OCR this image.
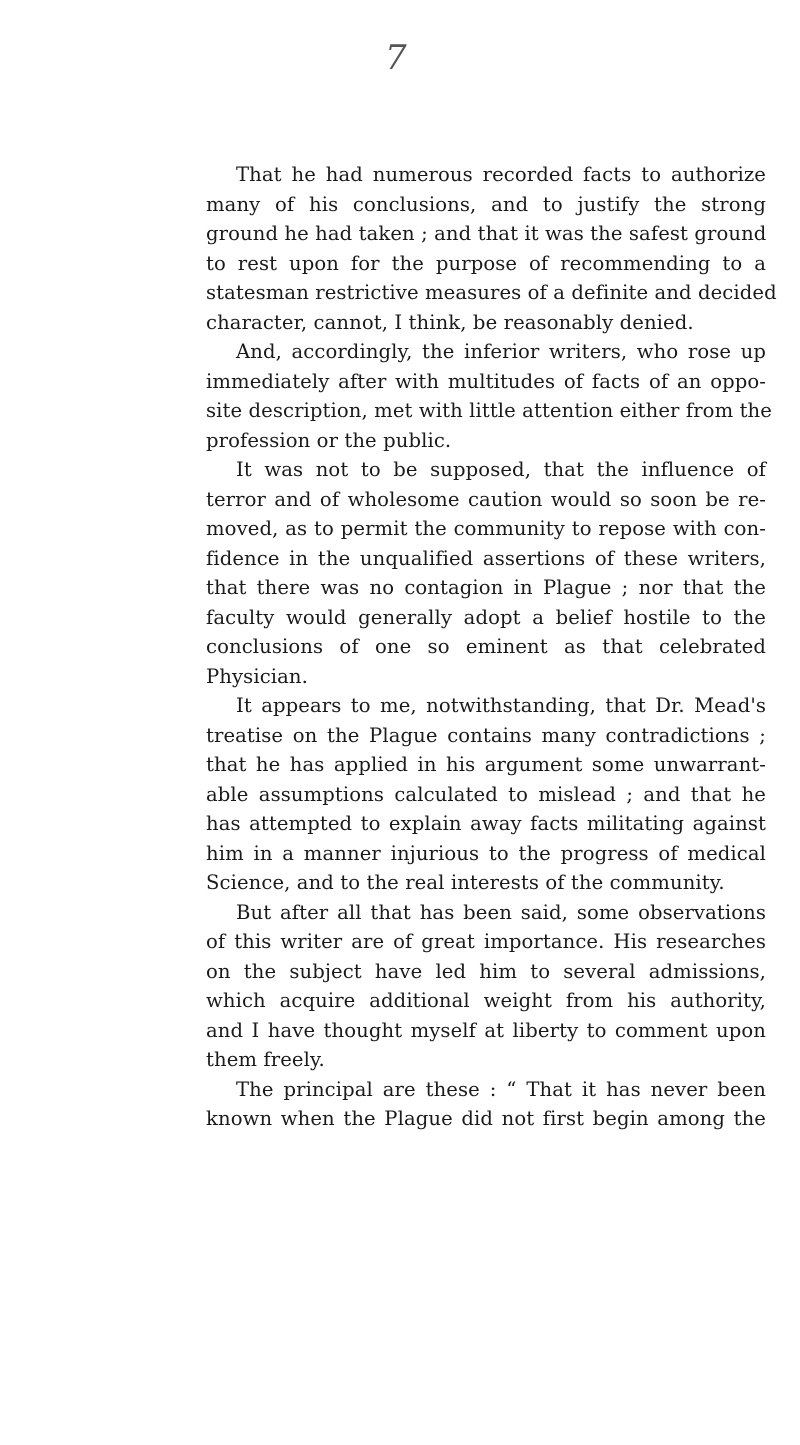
7
That he had numerous recorded facts to authorize
many of his conclusions, and to justify the strong
ground he had taken ; and that it was the safest ground
to rest upon for the purpose of recommending to a
statesman restrictive measures of a definite and decided
character, cannot, I think, be reasonably denied.
And, accordingly, the inferior writers, who rose up
immediately after with multitudes of facts of an oppo-
site description, met with little attention either from the
profession or the public.
It was not to be supposed, that the influence of
terror and of wholesome caution would so soon be re-
moved, as to permit the community to repose with con-
fidence in the unqualified assertions of these writers,
that there was no contagion in Plague ; nor that the
faculty would generally adopt a belief hostile to the
conclusions of one so eminent as that celebrated
Physician.
It appears to me, notwithstanding, that Dr. Mead's
treatise on the Plague contains many contradictions ;
that he has applied in his argument some unwarrant-
able assumptions calculated to mislead ; and that he
has attempted to explain away facts militating against
him in a manner injurious to the progress of medical
Science, and to the real interests of the community.
But after all that has been said, some observations
of this writer are of great importance. His researches
on the subject have led him to several admissions,
which acquire additional weight from his authority,
and I have thought myself at liberty to comment upon
them freely.
The principal are these : “ That it has never been
known when the Plague did not first begin among the
